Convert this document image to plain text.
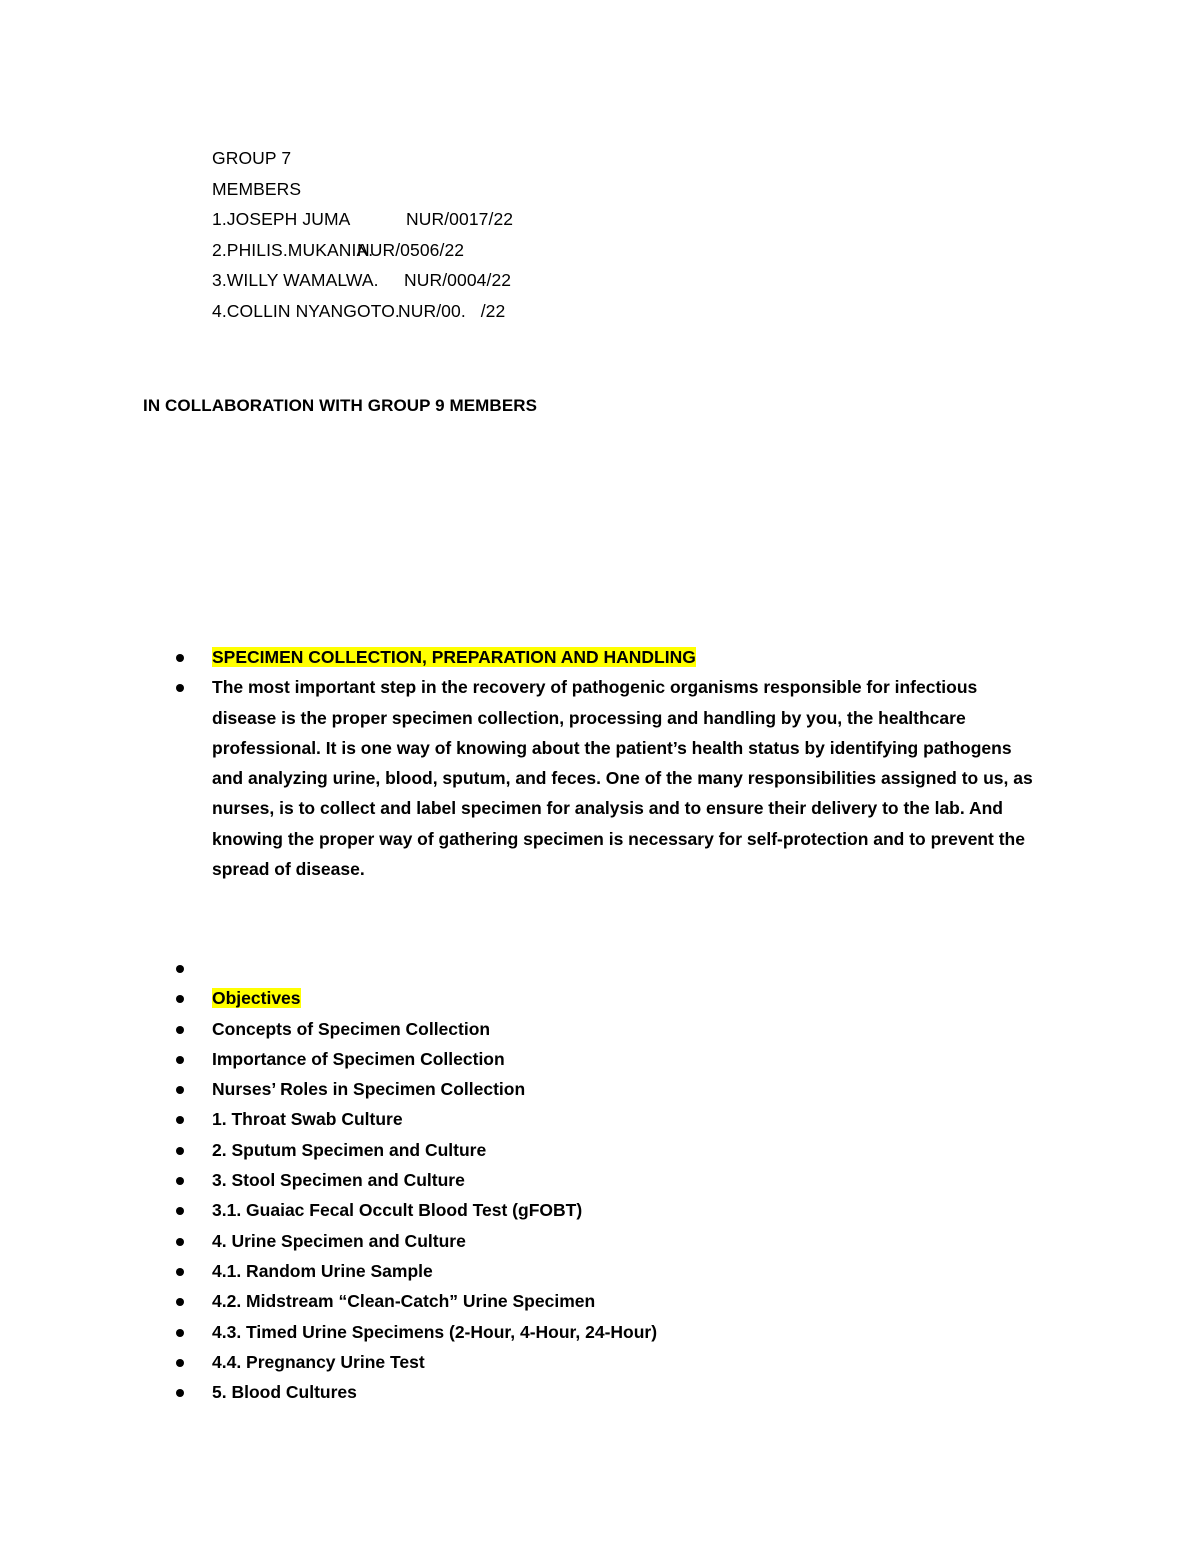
GROUP 7
MEMBERS
1.JOSEPH JUMA	NUR/0017/22
2.PHILIS.MUKANIA.
NUR/0506/22
3.WILLY WAMALWA.	NUR/0004/22
4.COLLIN NYANGOTO.
NUR/00.   /22
IN COLLABORATION WITH GROUP 9 MEMBERS
SPECIMEN COLLECTION, PREPARATION AND HANDLING
The most important step in the recovery of pathogenic organisms responsible for infectious disease is the proper specimen collection, processing and handling by you, the healthcare professional. It is one way of knowing about the patient’s health status by identifying pathogens and analyzing urine, blood, sputum, and feces. One of the many responsibilities assigned to us, as nurses, is to collect and label specimen for analysis and to ensure their delivery to the lab. And knowing the proper way of gathering specimen is necessary for self-protection and to prevent the spread of disease.
Objectives
Concepts of Specimen Collection
Importance of Specimen Collection
Nurses’ Roles in Specimen Collection
1. Throat Swab Culture
2. Sputum Specimen and Culture
3. Stool Specimen and Culture
3.1. Guaiac Fecal Occult Blood Test (gFOBT)
4. Urine Specimen and Culture
4.1. Random Urine Sample
4.2. Midstream “Clean-Catch” Urine Specimen
4.3. Timed Urine Specimens (2-Hour, 4-Hour, 24-Hour)
4.4. Pregnancy Urine Test
5. Blood Cultures
